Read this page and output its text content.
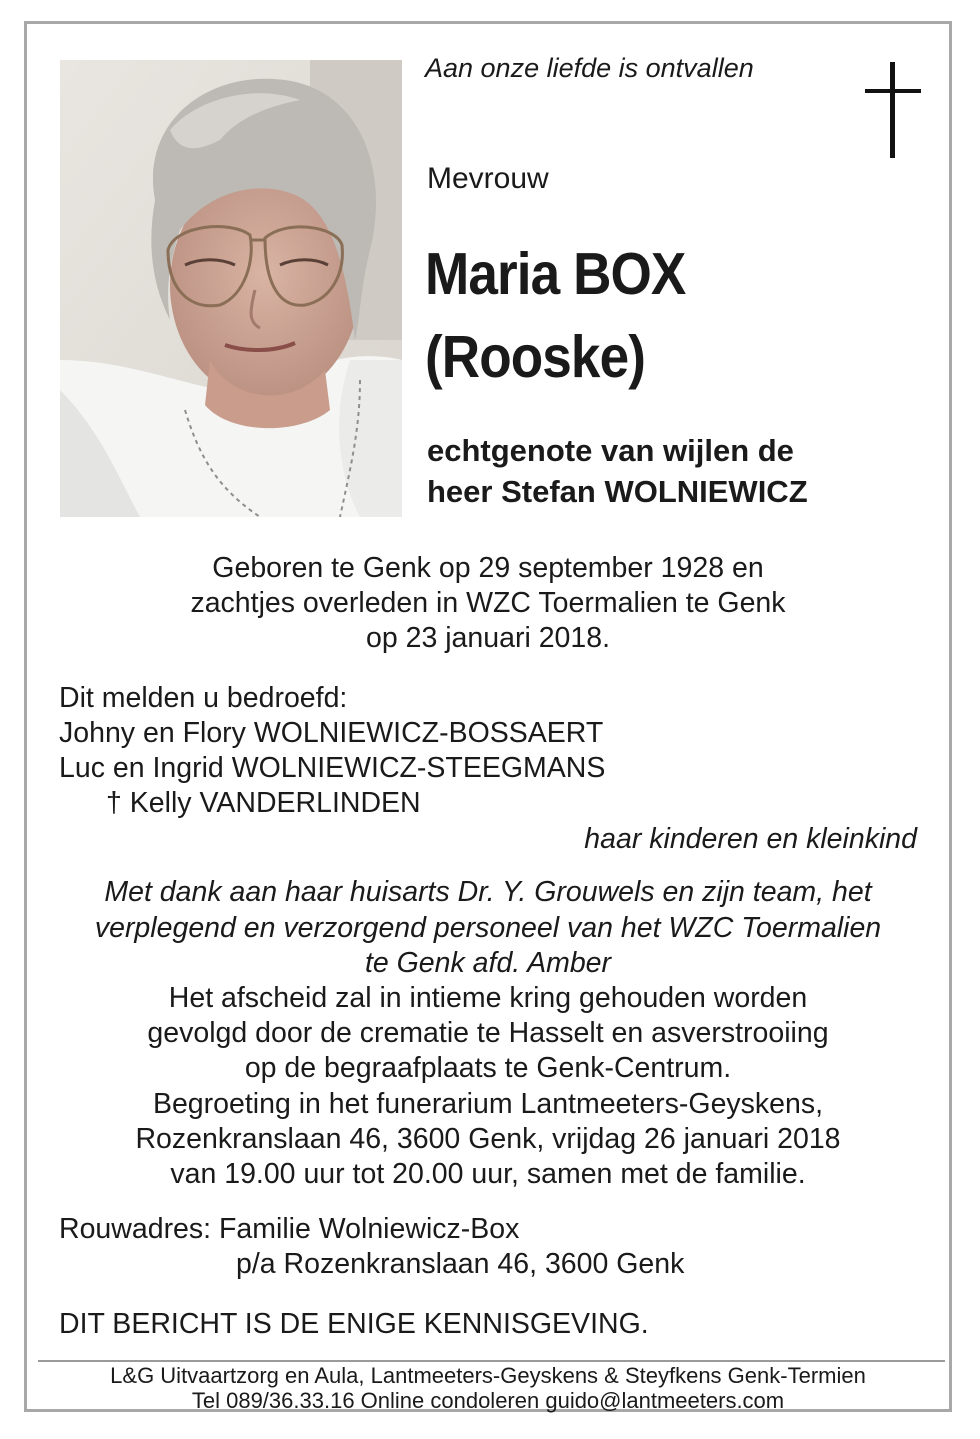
Aan onze liefde is ontvallen
Mevrouw
Maria BOX
(Rooske)
echtgenote van wijlen de
heer Stefan WOLNIEWICZ
Geboren te Genk op 29 september 1928 en
zachtjes overleden in WZC Toermalien te Genk
op 23 januari 2018.
Dit melden u bedroefd:
Johny en Flory WOLNIEWICZ-BOSSAERT
Luc en Ingrid WOLNIEWICZ-STEEGMANS
† Kelly VANDERLINDEN
haar kinderen en kleinkind
Met dank aan haar huisarts Dr. Y. Grouwels en zijn team, het
verplegend en verzorgend personeel van het WZC Toermalien
te Genk afd. Amber
Het afscheid zal in intieme kring gehouden worden
gevolgd door de crematie te Hasselt en asverstrooiing
op de begraafplaats te Genk-Centrum.
Begroeting in het funerarium Lantmeeters-Geyskens,
Rozenkranslaan 46, 3600 Genk, vrijdag 26 januari 2018
van 19.00 uur tot 20.00 uur, samen met de familie.
Rouwadres: Familie Wolniewicz-Box
p/a Rozenkranslaan 46, 3600 Genk
DIT BERICHT IS DE ENIGE KENNISGEVING.
L&G Uitvaartzorg en Aula, Lantmeeters-Geyskens & Steyfkens Genk-Termien
Tel 089/36.33.16 Online condoleren guido@lantmeeters.com
